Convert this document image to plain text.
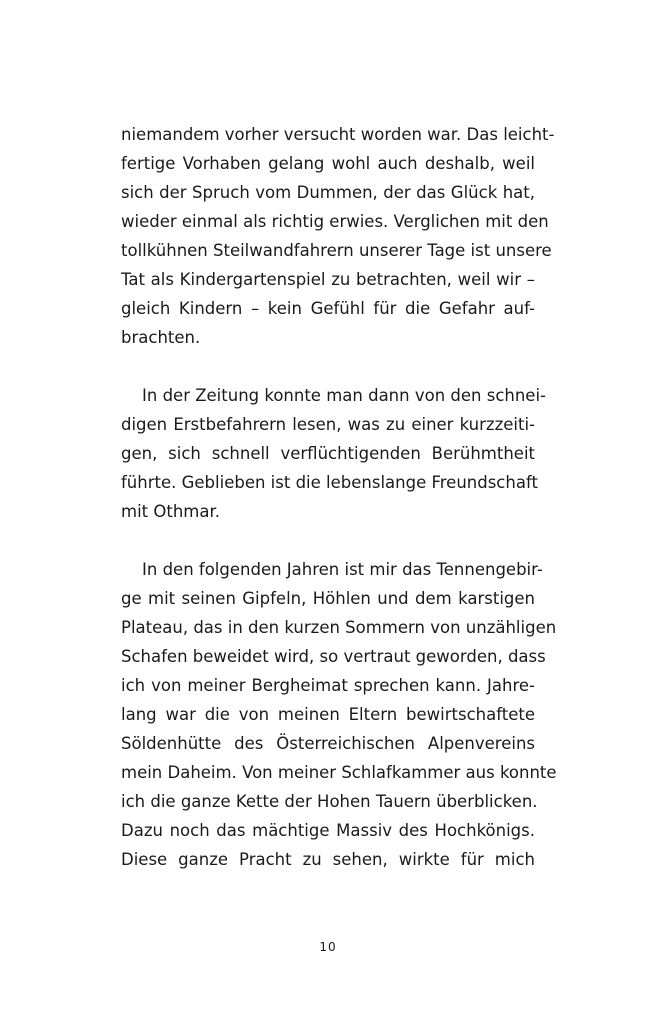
niemandem vorher versucht worden war. Das leicht-
fertige Vorhaben gelang wohl auch deshalb, weil
sich der Spruch vom Dummen, der das Glück hat,
wieder einmal als richtig erwies. Verglichen mit den
tollkühnen Steilwandfahrern unserer Tage ist unsere
Tat als Kindergartenspiel zu betrachten, weil wir –
gleich Kindern – kein Gefühl für die Gefahr auf-
brachten.
In der Zeitung konnte man dann von den schnei-
digen Erstbefahrern lesen, was zu einer kurzzeiti-
gen, sich schnell verflüchtigenden Berühmtheit
führte. Geblieben ist die lebenslange Freundschaft
mit Othmar.
In den folgenden Jahren ist mir das Tennengebir-
ge mit seinen Gipfeln, Höhlen und dem karstigen
Plateau, das in den kurzen Sommern von unzähligen
Schafen beweidet wird, so vertraut geworden, dass
ich von meiner Bergheimat sprechen kann. Jahre-
lang war die von meinen Eltern bewirtschaftete
Söldenhütte des Österreichischen Alpenvereins
mein Daheim. Von meiner Schlafkammer aus konnte
ich die ganze Kette der Hohen Tauern überblicken.
Dazu noch das mächtige Massiv des Hochkönigs.
Diese ganze Pracht zu sehen, wirkte für mich
10
